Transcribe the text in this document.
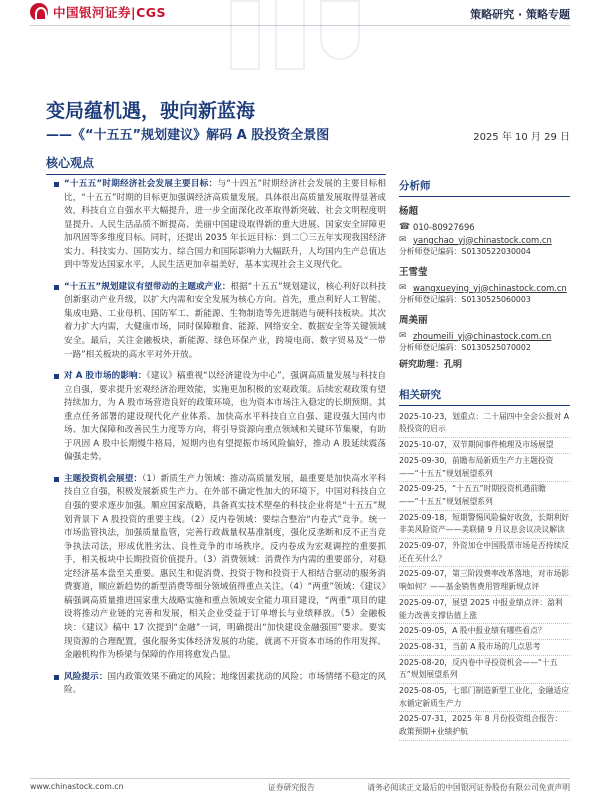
中国银河证券|CGS	策略研究 · 策略专题
变局蕴机遇，驶向新蓝海
——《“十五五”规划建议》解码 A 股投资全景图	2025 年 10 月 29 日
核心观点
“十五五”时期经济社会发展主要目标：与“十四五”时期经济社会发展的主要目标相比，“十五五”时期的目标更加强调经济高质量发展。具体很出高质量发展取得显著成效，科技自立自强水平大幅提升，进一步全面深化改革取得新突破、社会文明程度明显提升、人民生活品质不断提高、美丽中国建设取得新的重大进展、国家安全屏障更加巩固等多维度目标。同时，还提出 2035 年长远目标：到二〇三五年实现我国经济实力、科技实力、国防实力、综合国力和国际影响力大幅跃升，人均国内生产总值达到中等发达国家水平，人民生活更加幸福美好，基本实现社会主义现代化。
“十五五”规划建议有望带动的主题或产业：根据“十五五”规划建议，核心利好以科技创新驱动产业升级，以扩大内需和安全发展为核心方向。首先，重点利好人工智能、集成电路、工业母机、国防军工、新能源、生物制造等先进制造与硬科技板块。其次着力扩大内需，大健康市场，同时保障粮食、能源、网络安全、数据安全等关键领域安全。最后，关注金融板块，新能源、绿色环保产业，跨境电商、数字贸易及“一带一路”相关板块的高水平对外开放。
对 A 股市场的影响：《建议》稿重视“以经济建设为中心”，强调高质量发展与科技自立自强，要求提升宏观经济治理效能，实施更加积极的宏观政策。后续宏观政策有望持续加力，为 A 股市场营造良好的政策环境，也为资本市场注入稳定的长期预期。其重点任务部署的建设现代化产业体系、加快高水平科技自立自强、建设强大国内市场、加大保障和改善民生力度等方向，将引导资源向重点领域和关键环节集聚，有助于巩固 A 股中长期慢牛格局，短期内也有望提振市场风险偏好，推动 A 股延续震荡偏强走势。
主题投资机会展望：（1）新质生产力领域：推动高质量发展，最重要是加快高水平科技自立自强，积极发展新质生产力。在外部不确定性加大的环境下，中国对科技自立自强的要求逐步加强。顺应国家战略，具备真实技术壁垒的科技企业将是“十五五”规划背景下 A 股投资的重要主线。（2）反内卷领域：要综合整治“内卷式”竞争。统一市场监管执法，加强质量监管，完善行政裁量权基准制度，强化反垄断和反不正当竞争执法司法，形成优胜劣汰、良性竞争的市场秩序。反内卷成为宏观调控的重要抓手，相关板块中长期投资价值提升。（3）消费领域：消费作为内需的重要部分，对稳定经济基本盘至关重要。惠民生和促消费、投资于物和投资于人相结合驱动的服务消费赛道，顺应新趋势的新型消费等细分领域值得重点关注。（4）“两重”领域：《建议》稿强调高质量推进国家重大战略实施和重点领域安全能力项目建设，“两重”项目的建设将推动产业链的完善和发展，相关企业受益于订单增长与业绩释放。（5）金融板块：《建议》稿中 17 次提到“金融”一词，明确提出“加快建设金融强国”要求。要实现资源的合理配置，强化服务实体经济发展的功能，就离不开资本市场的作用发挥。金融机构作为桥梁与保障的作用将愈发凸显。
风险提示：国内政策效果不确定的风险；地缘因素扰动的风险；市场情绪不稳定的风险。
分析师
杨超
☎ 010-80927696
✉ yangchao_yj@chinastock.com.cn
分析师登记编码：S0130522030004
王雪莹
✉ wangxueying_yj@chinastock.com.cn
分析师登记编码：S0130525060003
周美丽
✉ zhoumeili_yj@chinastock.com.cn
分析师登记编码：S0130525070002
研究助理：孔明
相关研究
2025-10-23，划重点：二十届四中全会公报对 A 股投资的启示
2025-10-07，双节期间事件梳理及市场展望
2025-09-30，前瞻布局新质生产力主题投资——“十五五”规划展望系列
2025-09-25，“十五五”时期投资机遇前瞻——“十五五”规划展望系列
2025-09-18，短期警惕风险偏好收敛，长期利好非美风险资产——美联储 9 月议息会议决议解读
2025-09-07，外资加仓中国股票市场是否持续反还在买什么？
2025-09-07，第三阶段费率改革落地，对市场影响如何？——基金销售费用管理新规点评
2025-09-07，展望 2025 中报业绩点评：盈利能力改善支撑估值上涨
2025-09-05，A 股中报业绩有哪些看点？
2025-08-31，当前 A 股市场的几点思考
2025-08-20，反内卷中寻投资机会——“十五五”规划展望系列
2025-08-05，七部门制造新型工业化，金融适应水循定新质生产力
2025-07-31，2025 年 8 月份投资组合报告：政策预期+业绩护航
www.chinastock.com.cn	证券研究报告	请务必阅读正文最后的中国银河证券股份有限公司免责声明
